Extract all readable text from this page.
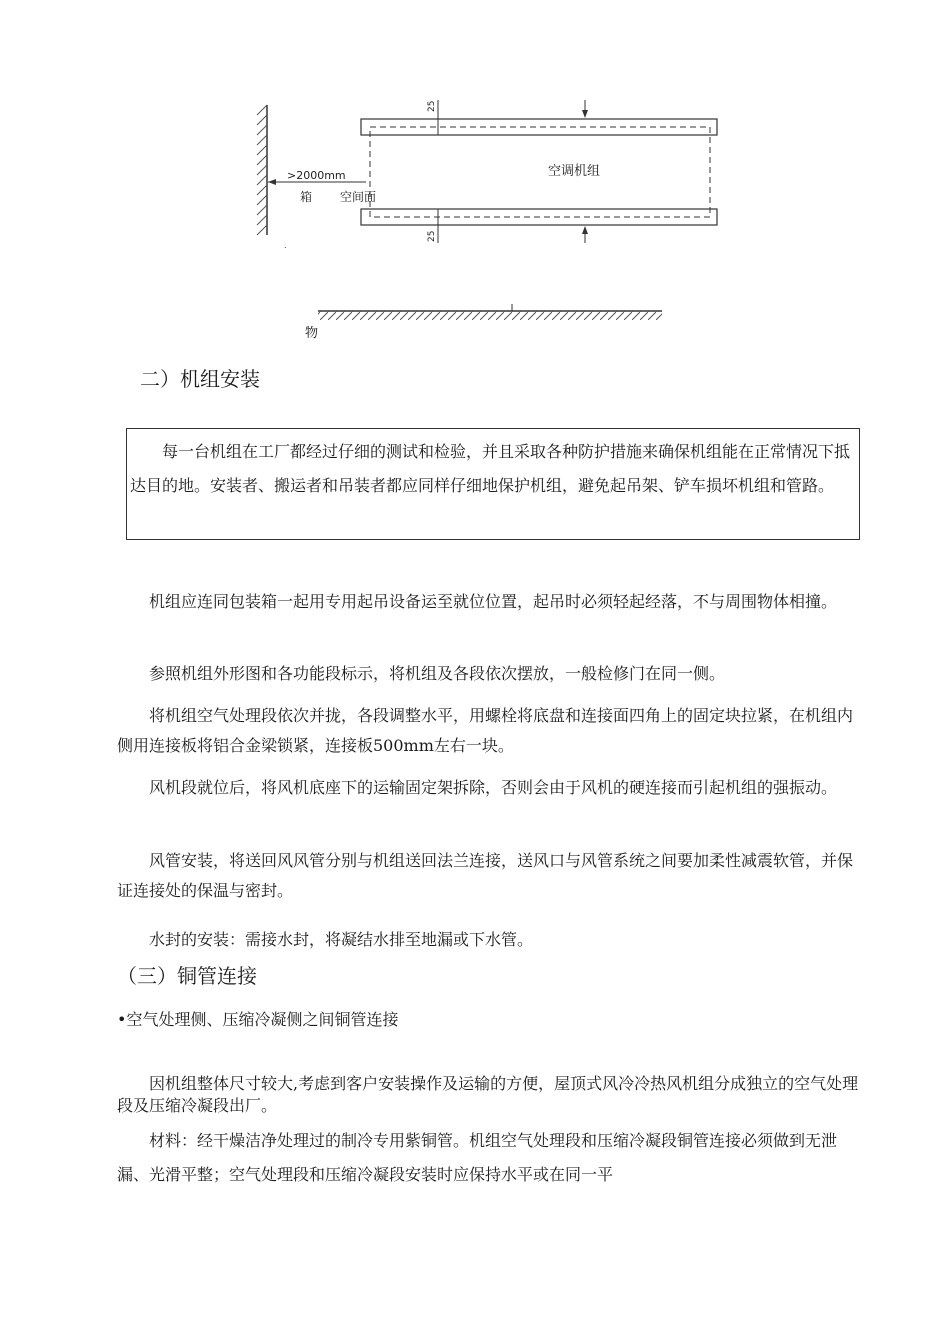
>2000mm
箱 空间面
空调机组
25
25
.
物
二）机组安装
每一台机组在工厂都经过仔细的测试和检验，并且采取各种防护措施来确保机组能在正常情况下抵达目的地。安装者、搬运者和吊装者都应同样仔细地保护机组，避免起吊架、铲车损坏机组和管路。
机组应连同包装箱一起用专用起吊设备运至就位位置，起吊时必须轻起经落，不与周围物体相撞。
参照机组外形图和各功能段标示，将机组及各段依次摆放，一般检修门在同一侧。
将机组空气处理段依次并拢，各段调整水平，用螺栓将底盘和连接面四角上的固定块拉紧，在机组内侧用连接板将铝合金梁锁紧，连接板500mm左右一块。
风机段就位后，将风机底座下的运输固定架拆除，否则会由于风机的硬连接而引起机组的强振动。
风管安装，将送回风风管分别与机组送回法兰连接，送风口与风管系统之间要加柔性减震软管，并保证连接处的保温与密封。
水封的安装：需接水封，将凝结水排至地漏或下水管。
（三）铜管连接
•空气处理侧、压缩冷凝侧之间铜管连接
因机组整体尺寸较大,考虑到客户安装操作及运输的方便，屋顶式风冷冷热风机组分成独立的空气处理段及压缩冷凝段出厂。
材料：经干燥洁净处理过的制冷专用紫铜管。机组空气处理段和压缩冷凝段铜管连接必须做到无泄漏、光滑平整；空气处理段和压缩冷凝段安装时应保持水平或在同一平
